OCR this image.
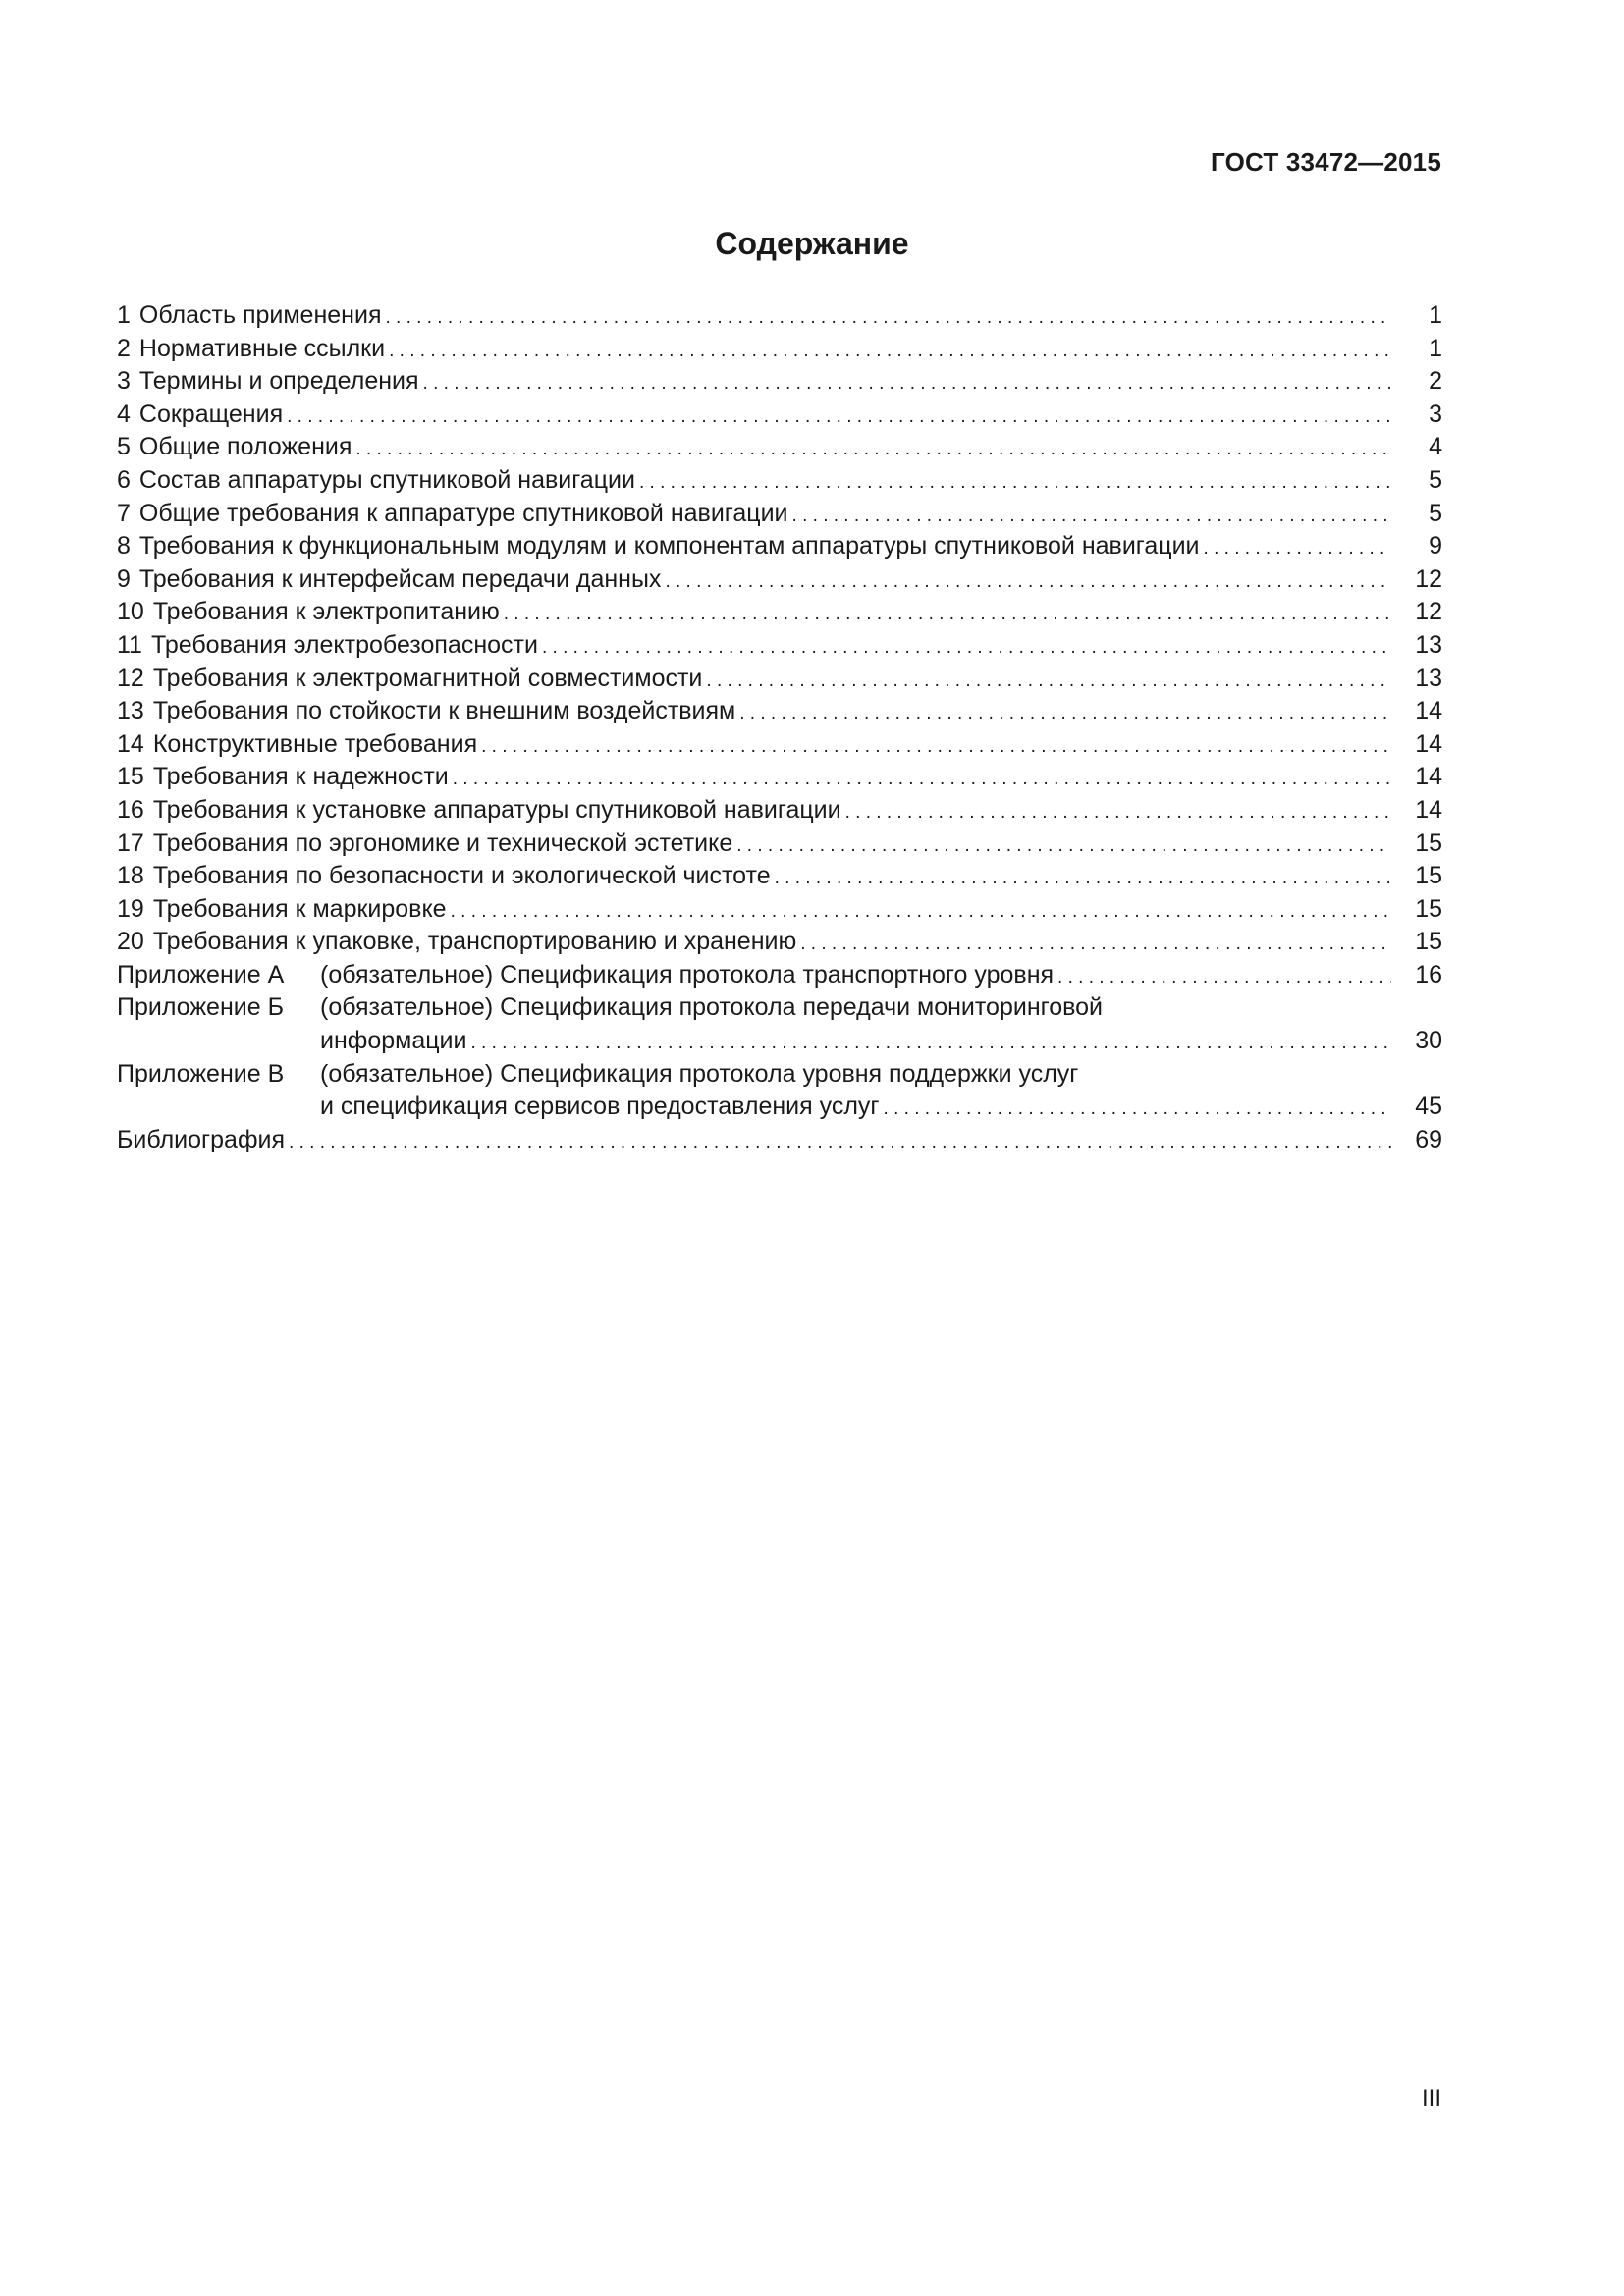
ГОСТ 33472—2015
Содержание
1 Область применения . . .	1
2 Нормативные ссылки . . .	1
3 Термины и определения . . .	2
4 Сокращения . . .	3
5 Общие положения . . .	4
6 Состав аппаратуры спутниковой навигации . . .	5
7 Общие требования к аппаратуре спутниковой навигации . . .	5
8 Требования к функциональным модулям и компонентам аппаратуры спутниковой навигации . . .	9
9 Требования к интерфейсам передачи данных . . .	12
10 Требования к электропитанию . . .	12
11 Требования электробезопасности . . .	13
12 Требования к электромагнитной совместимости . . .	13
13 Требования по стойкости к внешним воздействиям . . .	14
14 Конструктивные требования . . .	14
15 Требования к надежности . . .	14
16 Требования к установке аппаратуры спутниковой навигации . . .	14
17 Требования по эргономике и технической эстетике . . .	15
18 Требования по безопасности и экологической чистоте . . .	15
19 Требования к маркировке . . .	15
20 Требования к упаковке, транспортированию и хранению . . .	15
Приложение А	(обязательное) Спецификация протокола транспортного уровня . . .	16
Приложение Б	(обязательное) Спецификация протокола передачи мониторинговой
информации . . .	30
Приложение В	(обязательное) Спецификация протокола уровня поддержки услуг
и спецификация сервисов предоставления услуг . . .	45
Библиография . . .	69
III
